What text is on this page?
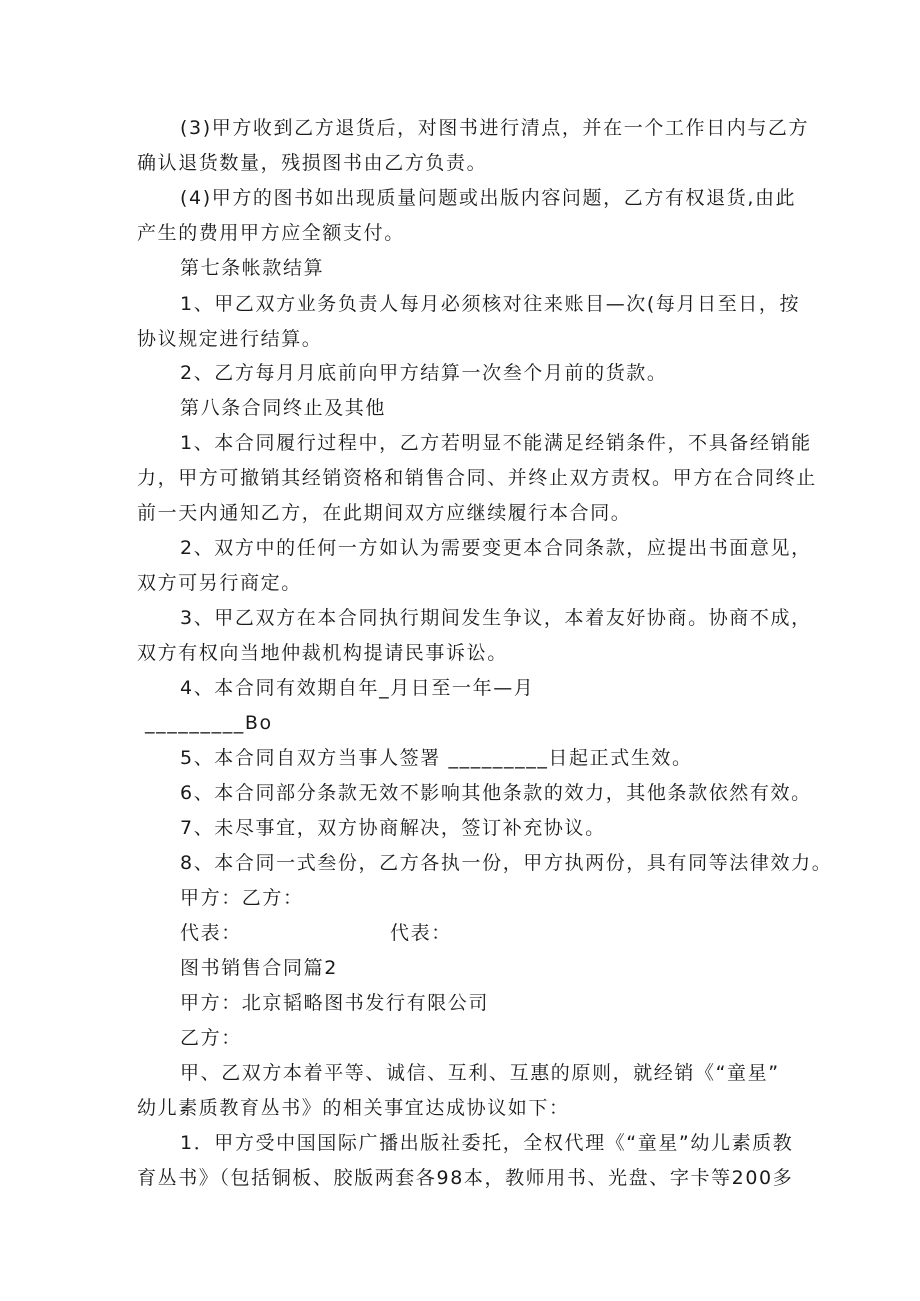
(3)甲方收到乙方退货后，对图书进行清点，并在一个工作日内与乙方
确认退货数量，残损图书由乙方负责。
(4)甲方的图书如出现质量问题或出版内容问题，乙方有权退货,由此
产生的费用甲方应全额支付。
第七条帐款结算
1、甲乙双方业务负责人每月必须核对往来账目—次(每月日至日，按
协议规定进行结算。
2、乙方每月月底前向甲方结算一次叁个月前的货款。
第八条合同终止及其他
1、本合同履行过程中，乙方若明显不能满足经销条件，不具备经销能
力，甲方可撤销其经销资格和销售合同、并终止双方责权。甲方在合同终止
前一天内通知乙方，在此期间双方应继续履行本合同。
2、双方中的任何一方如认为需要变更本合同条款，应提出书面意见，
双方可另行商定。
3、甲乙双方在本合同执行期间发生争议，本着友好协商。协商不成，
双方有权向当地仲裁机构提请民事诉讼。
4、本合同有效期自年_月日至一年—月
_________Bo
5、本合同自双方当事人签署 _________日起正式生效。
6、本合同部分条款无效不影响其他条款的效力，其他条款依然有效。
7、未尽事宜，双方协商解决，签订补充协议。
8、本合同一式叁份，乙方各执一份，甲方执两份，具有同等法律效力。
甲方：乙方：
代表：	代表：
图书销售合同篇2
甲方：北京韬略图书发行有限公司
乙方：
甲、乙双方本着平等、诚信、互利、互惠的原则，就经销《“童星”
幼儿素质教育丛书》的相关事宜达成协议如下：
1．甲方受中国国际广播出版社委托，全权代理《“童星”幼儿素质教
育丛书》（包括铜板、胶版两套各98本，教师用书、光盘、字卡等200多
